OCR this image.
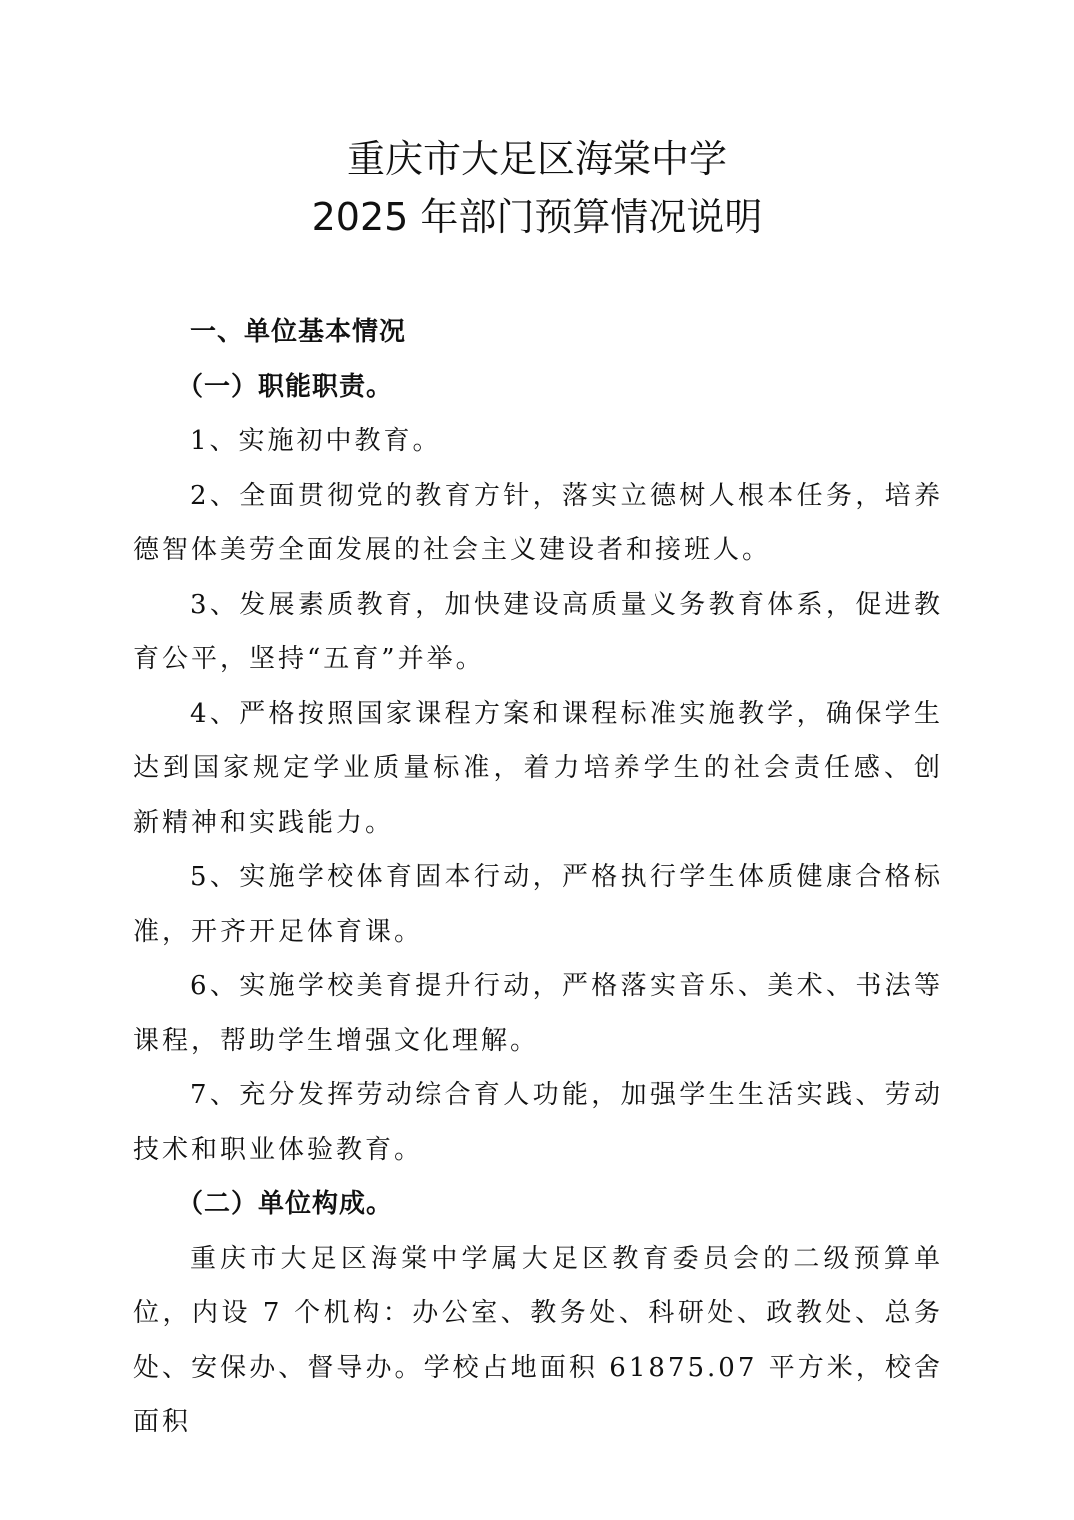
重庆市大足区海棠中学
2025 年部门预算情况说明

一、单位基本情况

（一）职能职责。

1、实施初中教育。

2、全面贯彻党的教育方针，落实立德树人根本任务，培养德智体美劳全面发展的社会主义建设者和接班人。

3、发展素质教育，加快建设高质量义务教育体系，促进教育公平，坚持“五育”并举。

4、严格按照国家课程方案和课程标准实施教学，确保学生达到国家规定学业质量标准，着力培养学生的社会责任感、创新精神和实践能力。

5、实施学校体育固本行动，严格执行学生体质健康合格标准，开齐开足体育课。

6、实施学校美育提升行动，严格落实音乐、美术、书法等课程，帮助学生增强文化理解。

7、充分发挥劳动综合育人功能，加强学生生活实践、劳动技术和职业体验教育。

（二）单位构成。

重庆市大足区海棠中学属大足区教育委员会的二级预算单位，内设 7 个机构：办公室、教务处、科研处、政教处、总务处、安保办、督导办。学校占地面积 61875.07 平方米，校舍面积
